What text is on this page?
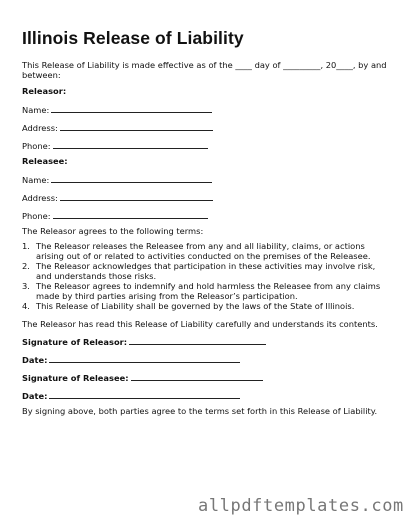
Illinois Release of Liability
This Release of Liability is made effective as of the ____ day of _________, 20____, by and
between:
Releasor:
Name:
Address:
Phone:
Releasee:
Name:
Address:
Phone:
The Releasor agrees to the following terms:
1. The Releasor releases the Releasee from any and all liability, claims, or actions arising out of or related to activities conducted on the premises of the Releasee.
2. The Releasor acknowledges that participation in these activities may involve risk, and understands those risks.
3. The Releasor agrees to indemnify and hold harmless the Releasee from any claims made by third parties arising from the Releasor’s participation.
4. This Release of Liability shall be governed by the laws of the State of Illinois.
The Releasor has read this Release of Liability carefully and understands its contents.
Signature of Releasor:
Date:
Signature of Releasee:
Date:
By signing above, both parties agree to the terms set forth in this Release of Liability.
allpdftemplates.com
